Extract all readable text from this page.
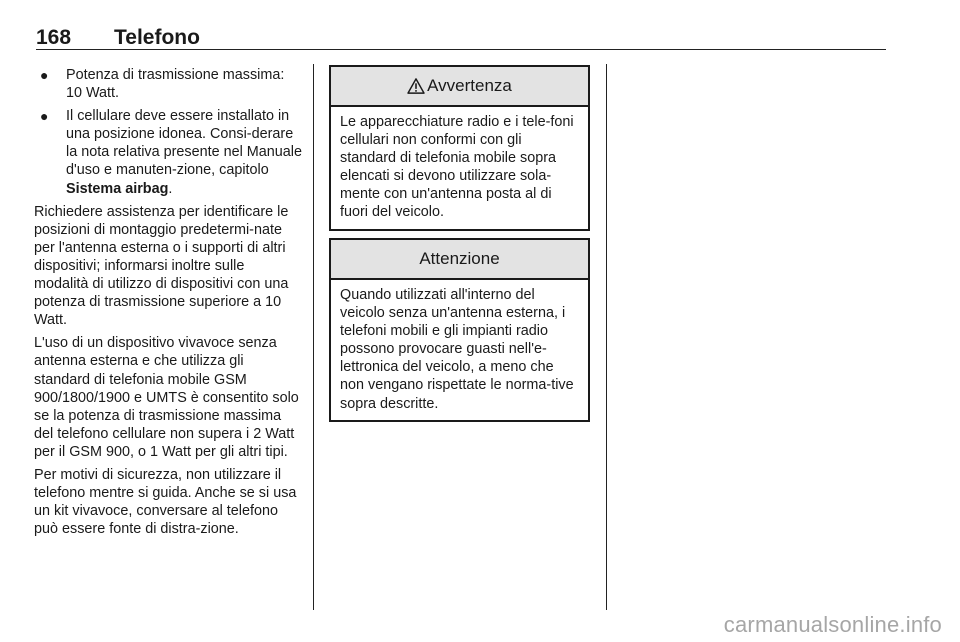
168 Telefono
● Potenza di trasmissione massima: 10 Watt.
● Il cellulare deve essere installato in una posizione idonea. Consi-derare la nota relativa presente nel Manuale d'uso e manuten-zione, capitolo Sistema airbag.

Richiedere assistenza per identificare le posizioni di montaggio predetermi-nate per l'antenna esterna o i supporti di altri dispositivi; informarsi inoltre sulle modalità di utilizzo di dispositivi con una potenza di trasmissione superiore a 10 Watt.

L'uso di un dispositivo vivavoce senza antenna esterna e che utilizza gli standard di telefonia mobile GSM 900/1800/1900 e UMTS è consentito solo se la potenza di trasmissione massima del telefono cellulare non supera i 2 Watt per il GSM 900, o 1 Watt per gli altri tipi.

Per motivi di sicurezza, non utilizzare il telefono mentre si guida. Anche se si usa un kit vivavoce, conversare al telefono può essere fonte di distra-zione.

Avvertenza
Le apparecchiature radio e i tele-foni cellulari non conformi con gli standard di telefonia mobile sopra elencati si devono utilizzare sola-mente con un'antenna posta al di fuori del veicolo.
Attenzione
Quando utilizzati all'interno del veicolo senza un'antenna esterna, i telefoni mobili e gli impianti radio possono provocare guasti nell'e-lettronica del veicolo, a meno che non vengano rispettate le norma-tive sopra descritte.
carmanualsonline.info
